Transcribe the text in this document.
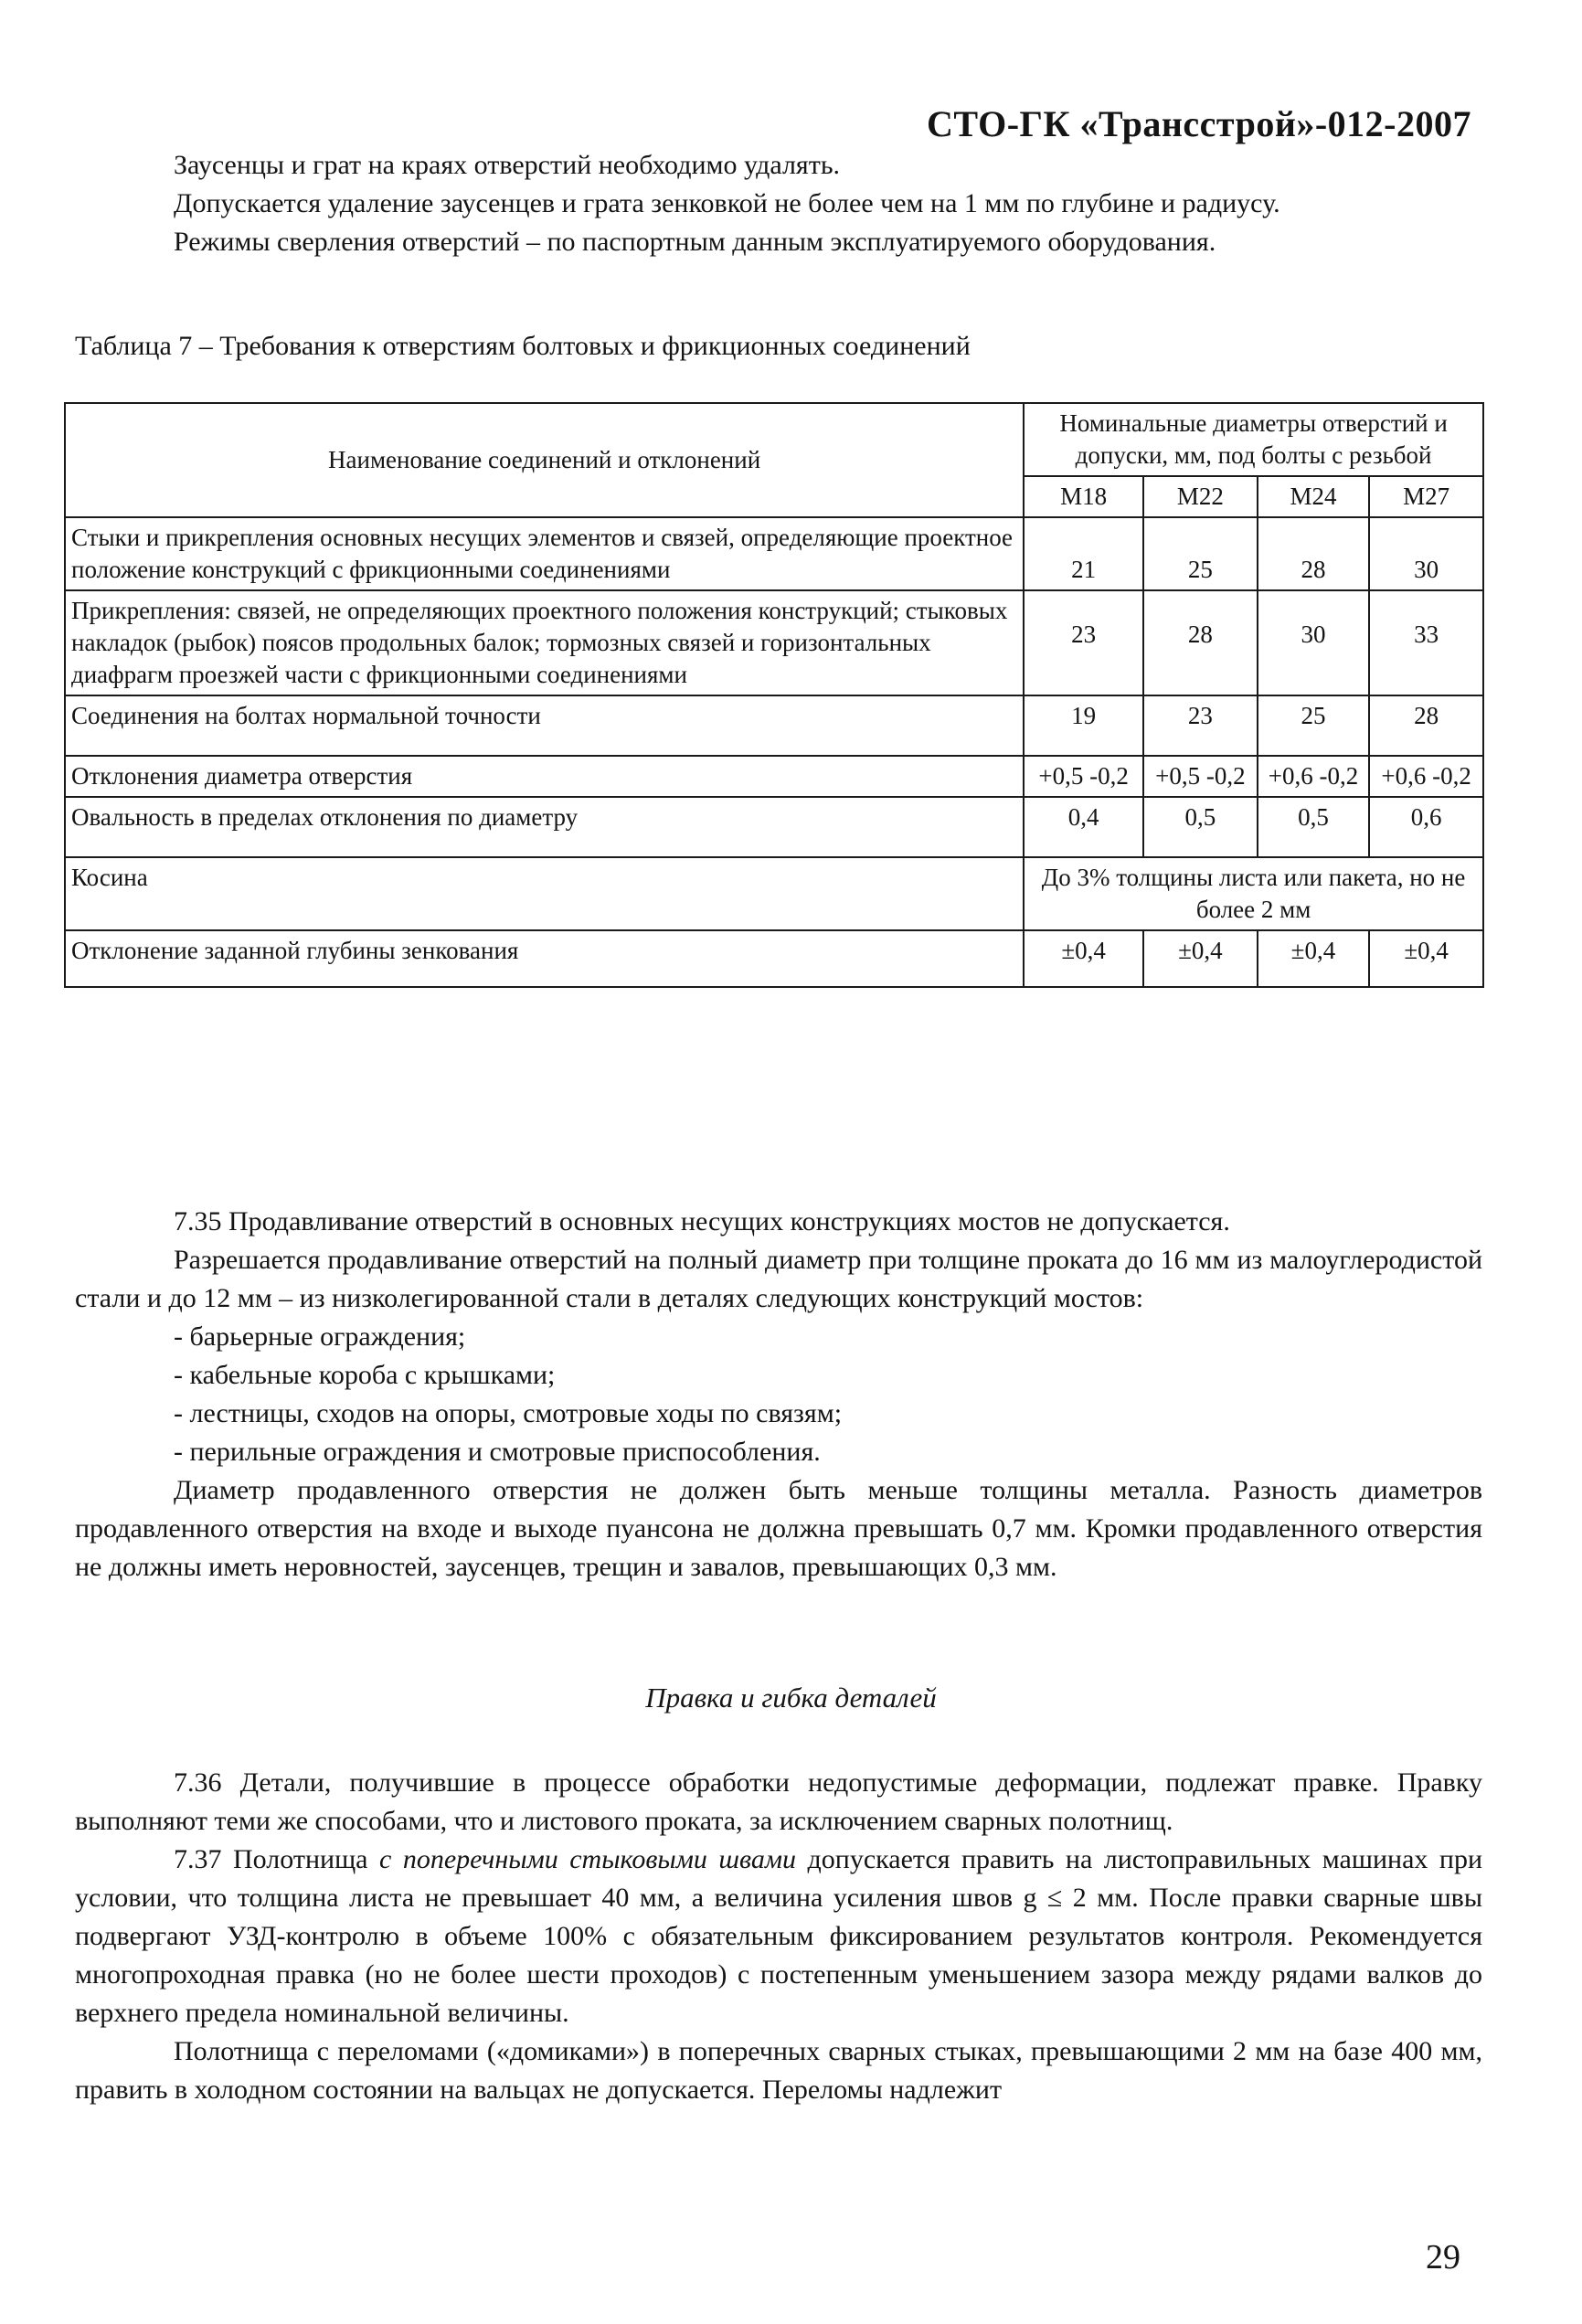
СТО-ГК «Трансстрой»-012-2007

Заусенцы и грат на краях отверстий необходимо удалять.

Допускается удаление заусенцев и грата зенковкой не более чем на 1 мм по глубине и радиусу.

Режимы сверления отверстий – по паспортным данным эксплуатируемого оборудования.

Таблица 7 – Требования к отверстиям болтовых и фрикционных соединений
Наименование соединений и отклонений	Номинальные диаметры отверстий и допуски, мм, под болты с резьбой			
	М18	М22	М24	М27
Стыки и прикрепления основных несущих элементов и связей, определяющие проектное положение конструкций с фрикционными соединениями	21	25	28	30
Прикрепления: связей, не определяющих проектного положения конструкций; стыковых накладок (рыбок) поясов продольных балок; тормозных связей и горизонтальных диафрагм проезжей части с фрикционными соединениями	23	28	30	33
Соединения на болтах нормальной точности	19	23	25	28
Отклонения диаметра отверстия	+0,5 -0,2	+0,5 -0,2	+0,6 -0,2	+0,6 -0,2
Овальность в пределах отклонения по диаметру	0,4	0,5	0,5	0,6
Косина	До 3% толщины листа или пакета, но не более 2 мм			
Отклонение заданной глубины зенкования	±0,4	±0,4	±0,4	±0,4

7.35 Продавливание отверстий в основных несущих конструкциях мостов не допускается.

Разрешается продавливание отверстий на полный диаметр при толщине проката до 16 мм из малоуглеродистой стали и до 12 мм – из низколегированной стали в деталях следующих конструкций мостов:

- барьерные ограждения;

- кабельные короба с крышками;

- лестницы, сходов на опоры, смотровые ходы по связям;

- перильные ограждения и смотровые приспособления.

Диаметр продавленного отверстия не должен быть меньше толщины металла. Разность диаметров продавленного отверстия на входе и выходе пуансона не должна превышать 0,7 мм. Кромки продавленного отверстия не должны иметь неровностей, заусенцев, трещин и завалов, превышающих 0,3 мм.

Правка и гибка деталей

7.36 Детали, получившие в процессе обработки недопустимые деформации, подлежат правке. Правку выполняют теми же способами, что и листового проката, за исключением сварных полотнищ.

7.37 Полотнища с поперечными стыковыми швами допускается править на листоправильных машинах при условии, что толщина листа не превышает 40 мм, а величина усиления швов g ≤ 2 мм. После правки сварные швы подвергают УЗД-контролю в объеме 100% с обязательным фиксированием результатов контроля. Рекомендуется многопроходная правка (но не более шести проходов) с постепенным уменьшением зазора между рядами валков до верхнего предела номинальной величины.

Полотнища с переломами («домиками») в поперечных сварных стыках, превышающими 2 мм на базе 400 мм, править в холодном состоянии на вальцах не допускается. Переломы надлежит

29
